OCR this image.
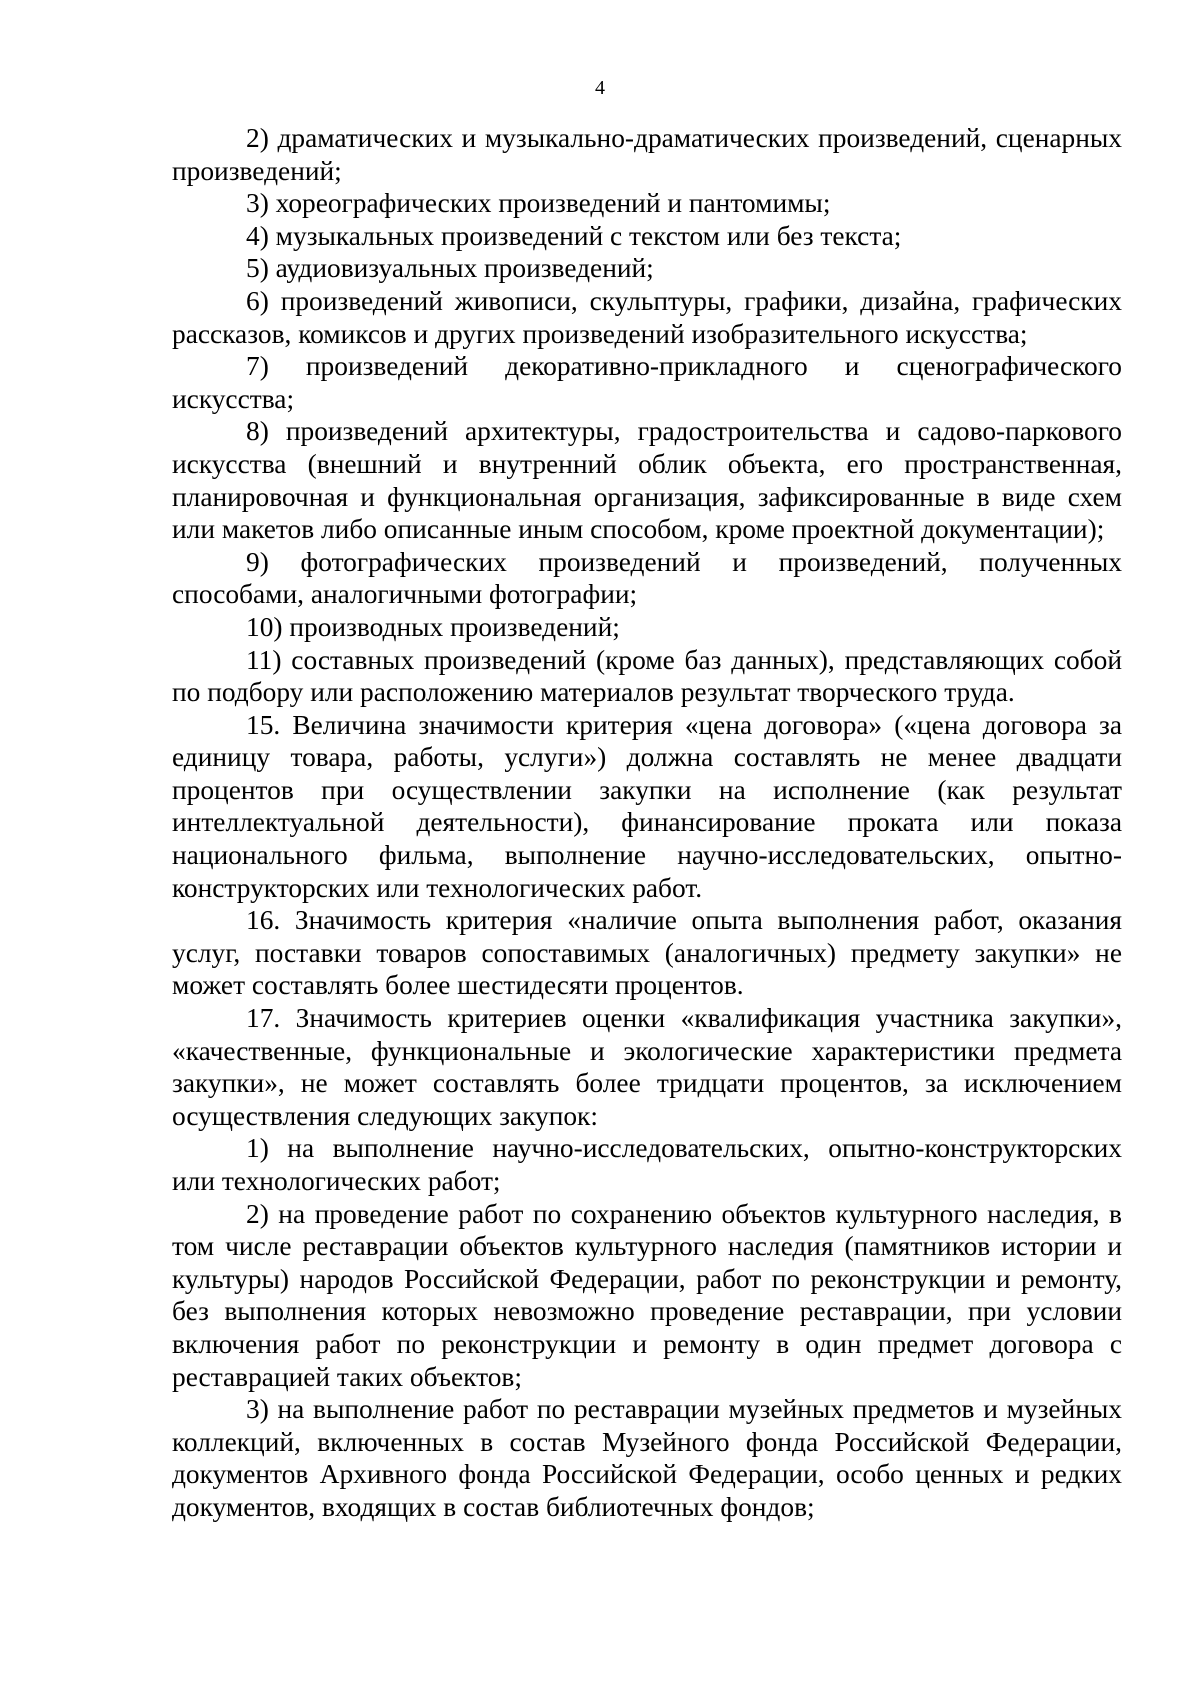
4

2) драматических и музыкально-драматических произведений, сценарных произведений;

3) хореографических произведений и пантомимы;

4) музыкальных произведений с текстом или без текста;

5) аудиовизуальных произведений;

6) произведений живописи, скульптуры, графики, дизайна, графических рассказов, комиксов и других произведений изобразительного искусства;

7) произведений декоративно-прикладного и сценографического искусства;

8) произведений архитектуры, градостроительства и садово-паркового искусства (внешний и внутренний облик объекта, его пространственная, планировочная и функциональная организация, зафиксированные в виде схем или макетов либо описанные иным способом, кроме проектной документации);

9) фотографических произведений и произведений, полученных способами, аналогичными фотографии;

10) производных произведений;

11) составных произведений (кроме баз данных), представляющих собой по подбору или расположению материалов результат творческого труда.

15. Величина значимости критерия «цена договора» («цена договора за единицу товара, работы, услуги») должна составлять не менее двадцати процентов при осуществлении закупки на исполнение (как результат интеллектуальной деятельности), финансирование проката или показа национального фильма, выполнение научно-исследовательских, опытно-конструкторских или технологических работ.

16. Значимость критерия «наличие опыта выполнения работ, оказания услуг, поставки товаров сопоставимых (аналогичных) предмету закупки» не может составлять более шестидесяти процентов.

17. Значимость критериев оценки «квалификация участника закупки», «качественные, функциональные и экологические характеристики предмета закупки», не может составлять более тридцати процентов, за исключением осуществления следующих закупок:

1) на выполнение научно-исследовательских, опытно-конструкторских или технологических работ;

2) на проведение работ по сохранению объектов культурного наследия, в том числе реставрации объектов культурного наследия (памятников истории и культуры) народов Российской Федерации, работ по реконструкции и ремонту, без выполнения которых невозможно проведение реставрации, при условии включения работ по реконструкции и ремонту в один предмет договора с реставрацией таких объектов;

3) на выполнение работ по реставрации музейных предметов и музейных коллекций, включенных в состав Музейного фонда Российской Федерации, документов Архивного фонда Российской Федерации, особо ценных и редких документов, входящих в состав библиотечных фондов;
